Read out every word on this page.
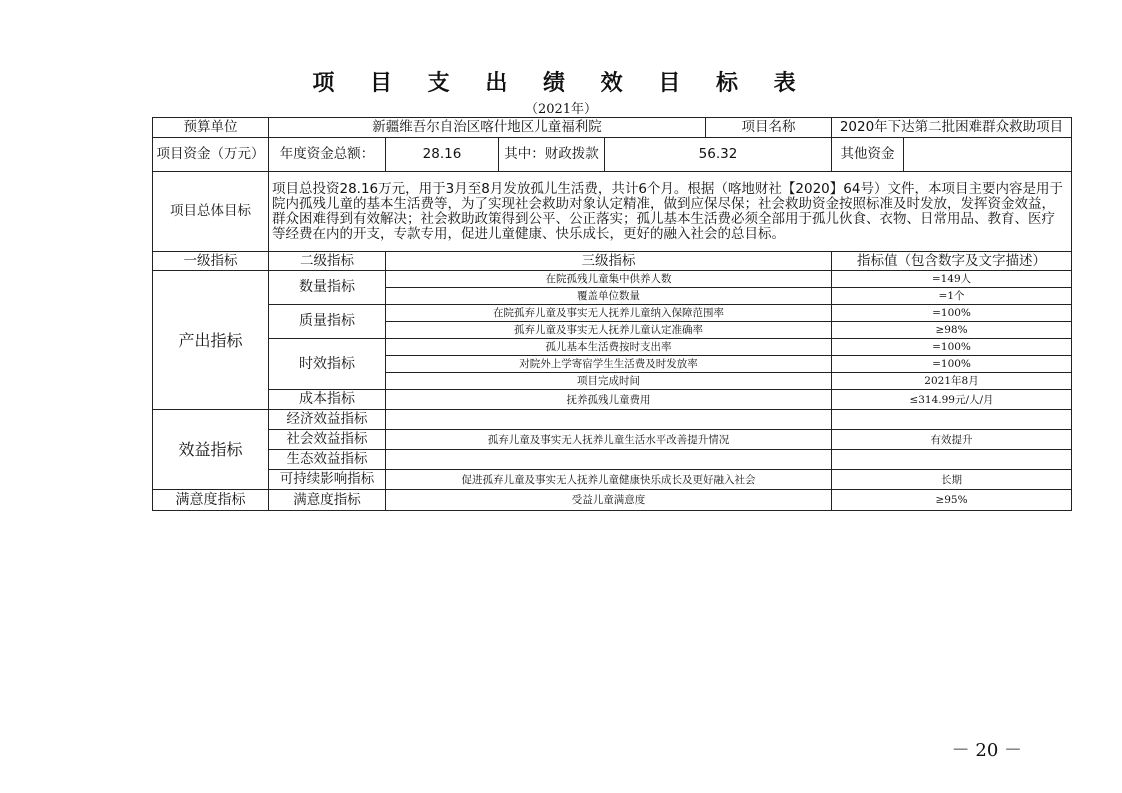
项 目 支 出 绩 效 目 标 表
（2021年）
预算单位	新疆维吾尔自治区喀什地区儿童福利院				项目名称	2020年下达第二批困难群众救助项目	
项目资金（万元）	年度资金总额：	28.16	其中：财政拨款	56.32		其他资金	
项目总体目标	项目总投资28.16万元，用于3月至8月发放孤儿生活费，共计6个月。根据（喀地财社【2020】64号）文件，本项目主要内容是用于院内孤残儿童的基本生活费等，为了实现社会救助对象认定精准，做到应保尽保；社会救助资金按照标准及时发放，发挥资金效益，群众困难得到有效解决；社会救助政策得到公平、公正落实；孤儿基本生活费必须全部用于孤儿伙食、衣物、日常用品、教育、医疗等经费在内的开支，专款专用，促进儿童健康、快乐成长，更好的融入社会的总目标。						
一级指标	二级指标	三级指标				指标值（包含数字及文字描述）	
产出指标	数量指标	在院孤残儿童集中供养人数				=149人	
		覆盖单位数量				=1个	
	质量指标	在院孤弃儿童及事实无人抚养儿童纳入保障范围率				=100%	
		孤弃儿童及事实无人抚养儿童认定准确率				≥98%	
	时效指标	孤儿基本生活费按时支出率				=100%	
		对院外上学寄宿学生生活费及时发放率				=100%	
		项目完成时间				2021年8月	
	成本指标	抚养孤残儿童费用				≤314.99元/人/月	
效益指标	经济效益指标						
	社会效益指标	孤弃儿童及事实无人抚养儿童生活水平改善提升情况				有效提升	
	生态效益指标						
	可持续影响指标	促进孤弃儿童及事实无人抚养儿童健康快乐成长及更好融入社会				长期	
满意度指标	满意度指标	受益儿童满意度				≥95%	
－ 20 －
